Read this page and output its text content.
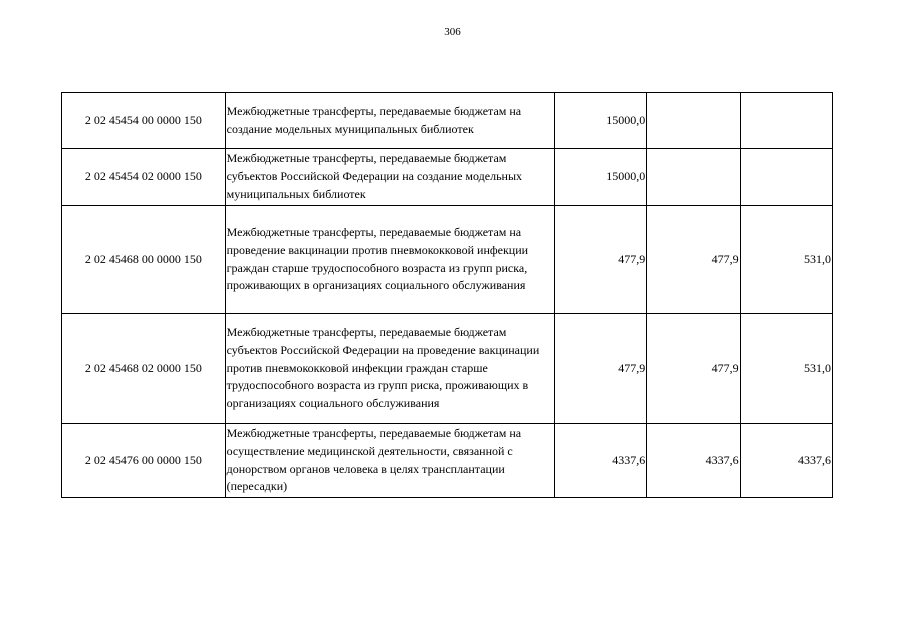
306
2 02 45454 00 0000 150	Межбюджетные трансферты, передаваемые бюджетам на создание модельных муниципальных библиотек	15000,0		
2 02 45454 02 0000 150	Межбюджетные трансферты, передаваемые бюджетам субъектов Российской Федерации на создание модельных муниципальных библиотек	15000,0		
2 02 45468 00 0000 150	Межбюджетные трансферты, передаваемые бюджетам на проведение вакцинации против пневмококковой инфекции граждан старше трудоспособного возраста из групп риска, проживающих в организациях социального обслуживания	477,9	477,9	531,0
2 02 45468 02 0000 150	Межбюджетные трансферты, передаваемые бюджетам субъектов Российской Федерации на проведение вакцинации против пневмококковой инфекции граждан старше трудоспособного возраста из групп риска, проживающих в организациях социального обслуживания	477,9	477,9	531,0
2 02 45476 00 0000 150	Межбюджетные трансферты, передаваемые бюджетам на осуществление медицинской деятельности, связанной с донорством органов человека в целях трансплантации (пересадки)	4337,6	4337,6	4337,6
